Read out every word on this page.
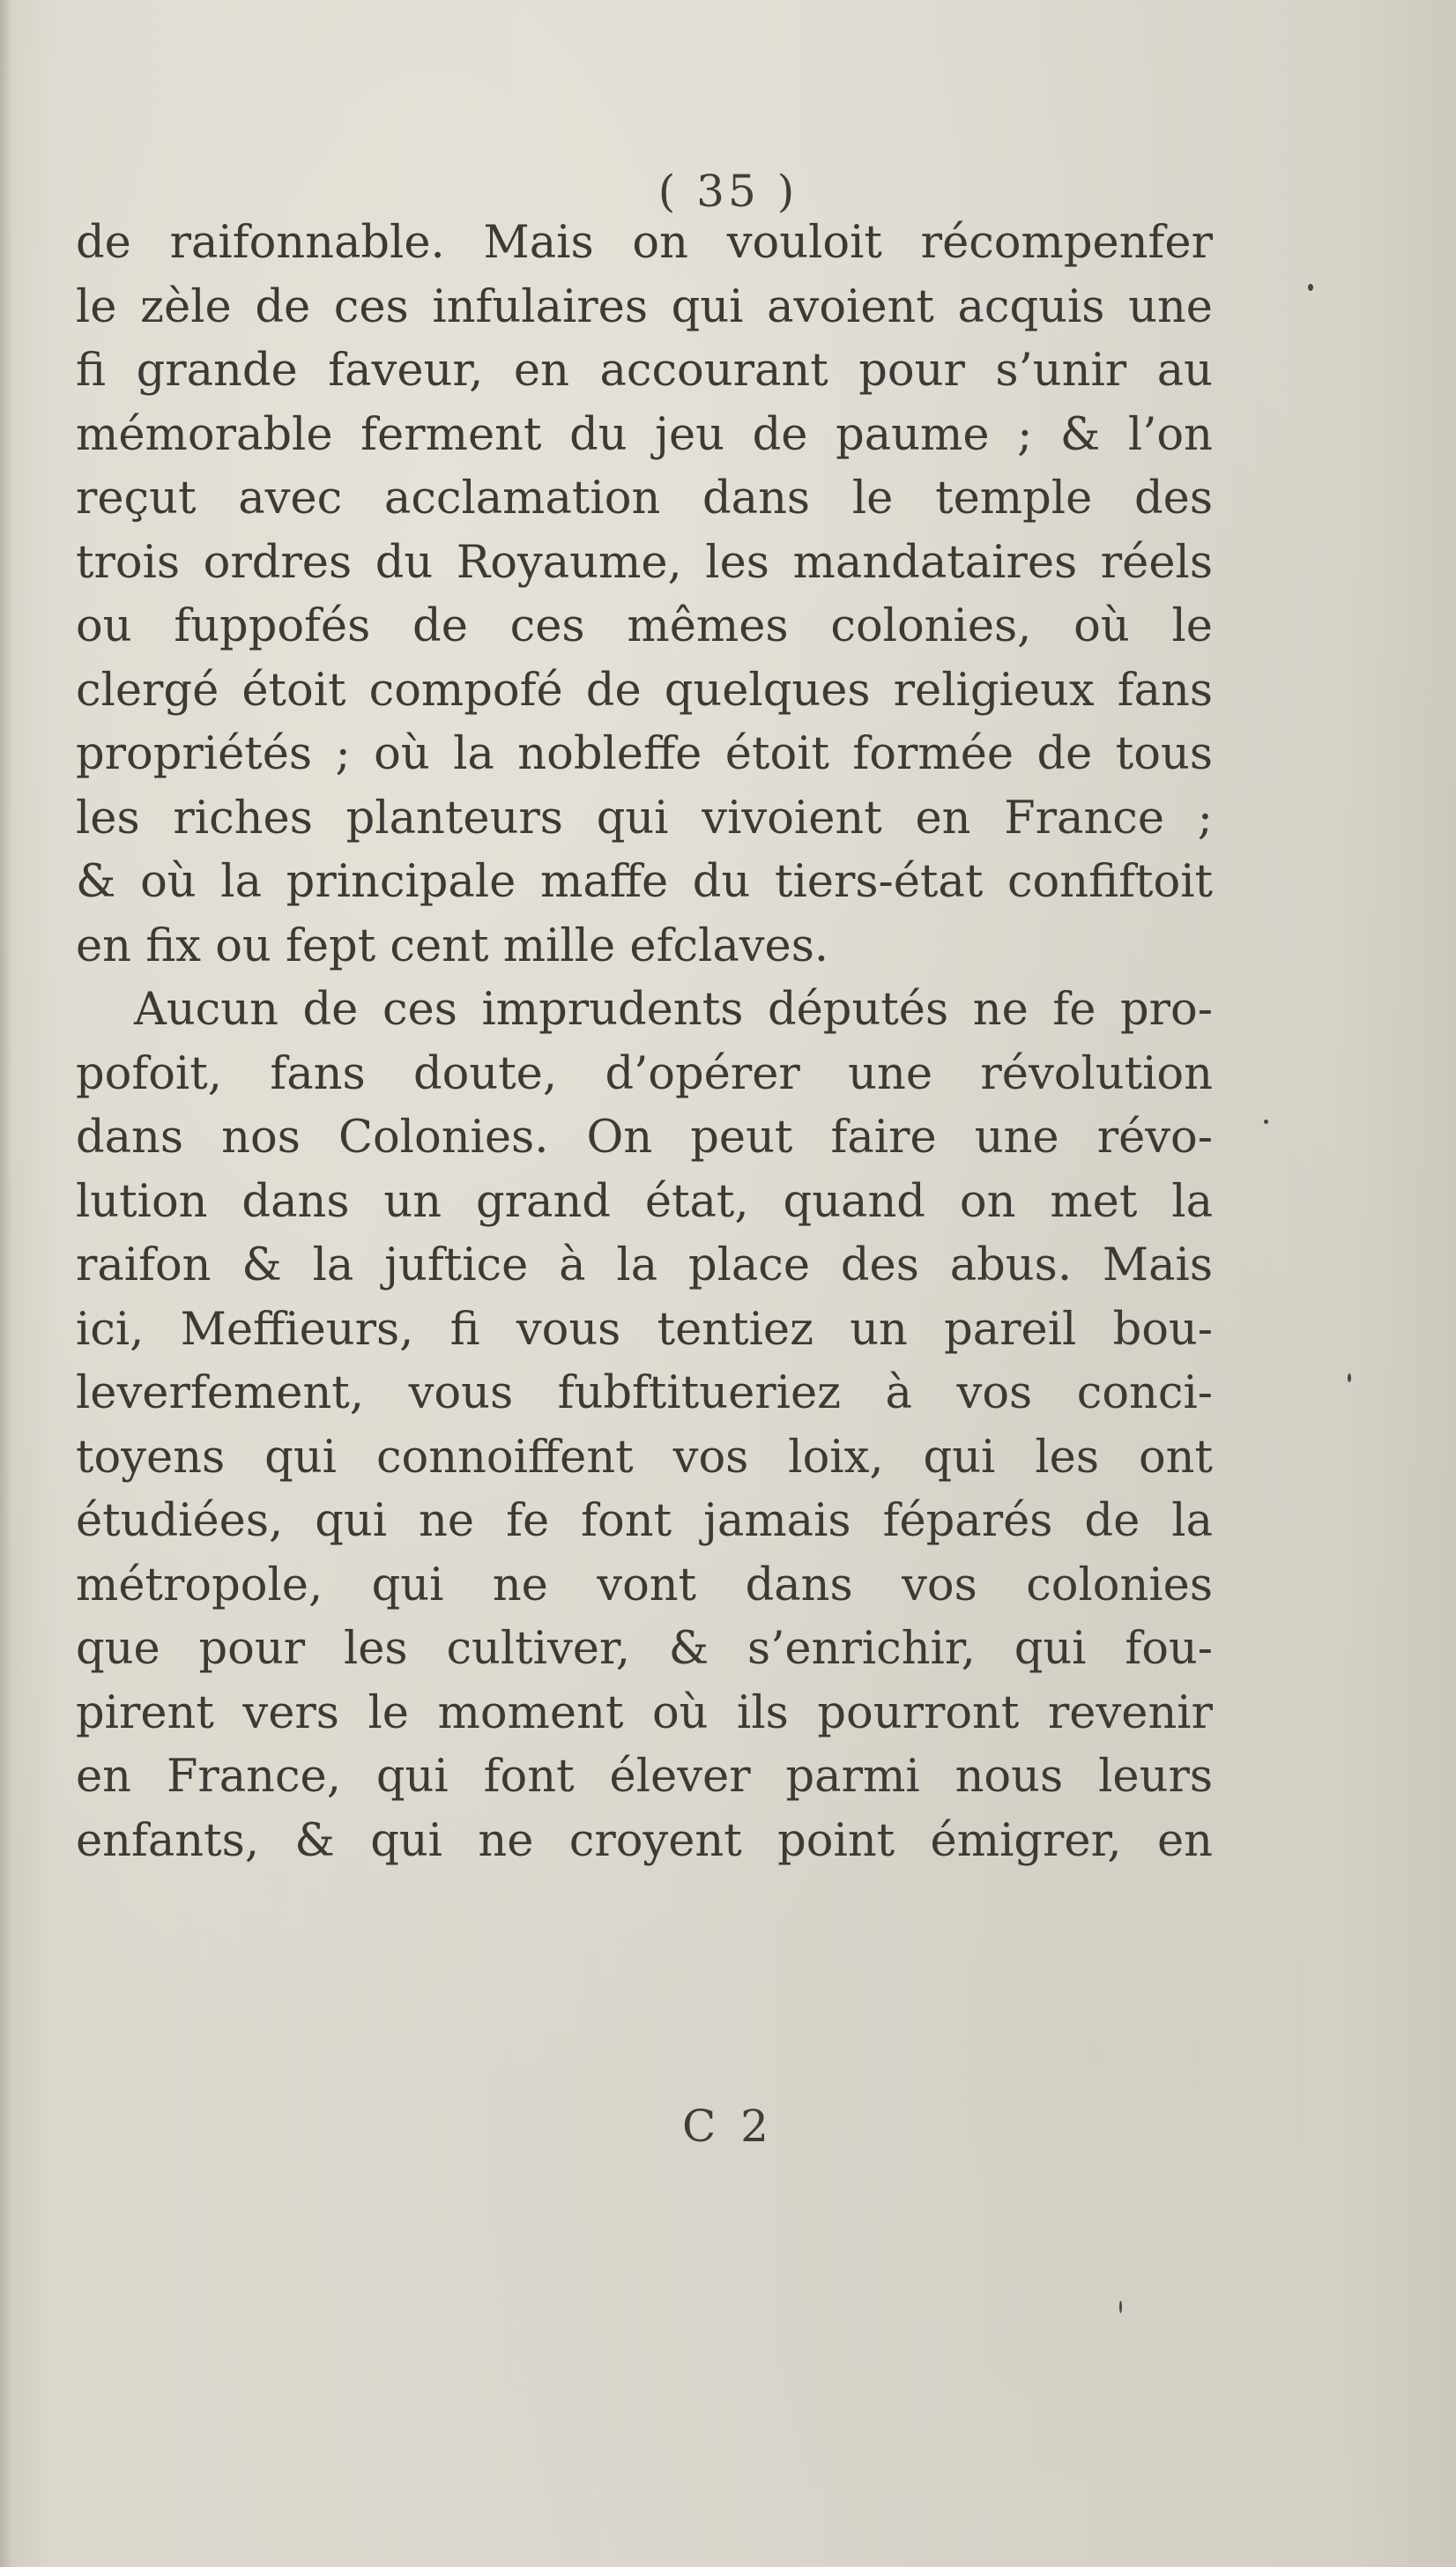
( 35 )
de raifonnable. Mais on vouloit récompenfer
le zèle de ces infulaires qui avoient acquis une
fi grande faveur, en accourant pour s’unir au
mémorable ferment du jeu de paume ; & l’on
reçut avec acclamation dans le temple des
trois ordres du Royaume, les mandataires réels
ou fuppofés de ces mêmes colonies, où le
clergé étoit compofé de quelques religieux fans
propriétés ; où la nobleffe étoit formée de tous
les riches planteurs qui vivoient en France ;
& où la principale maffe du tiers-état confiftoit
en fix ou fept cent mille efclaves.
Aucun de ces imprudents députés ne fe pro-
pofoit, fans doute, d’opérer une révolution
dans nos Colonies. On peut faire une révo-
lution dans un grand état, quand on met la
raifon & la juftice à la place des abus. Mais
ici, Meffieurs, fi vous tentiez un pareil bou-
leverfement, vous fubftitueriez à vos conci-
toyens qui connoiffent vos loix, qui les ont
étudiées, qui ne fe font jamais féparés de la
métropole, qui ne vont dans vos colonies
que pour les cultiver, & s’enrichir, qui fou-
pirent vers le moment où ils pourront revenir
en France, qui font élever parmi nous leurs
enfants, & qui ne croyent point émigrer, en
C 2
